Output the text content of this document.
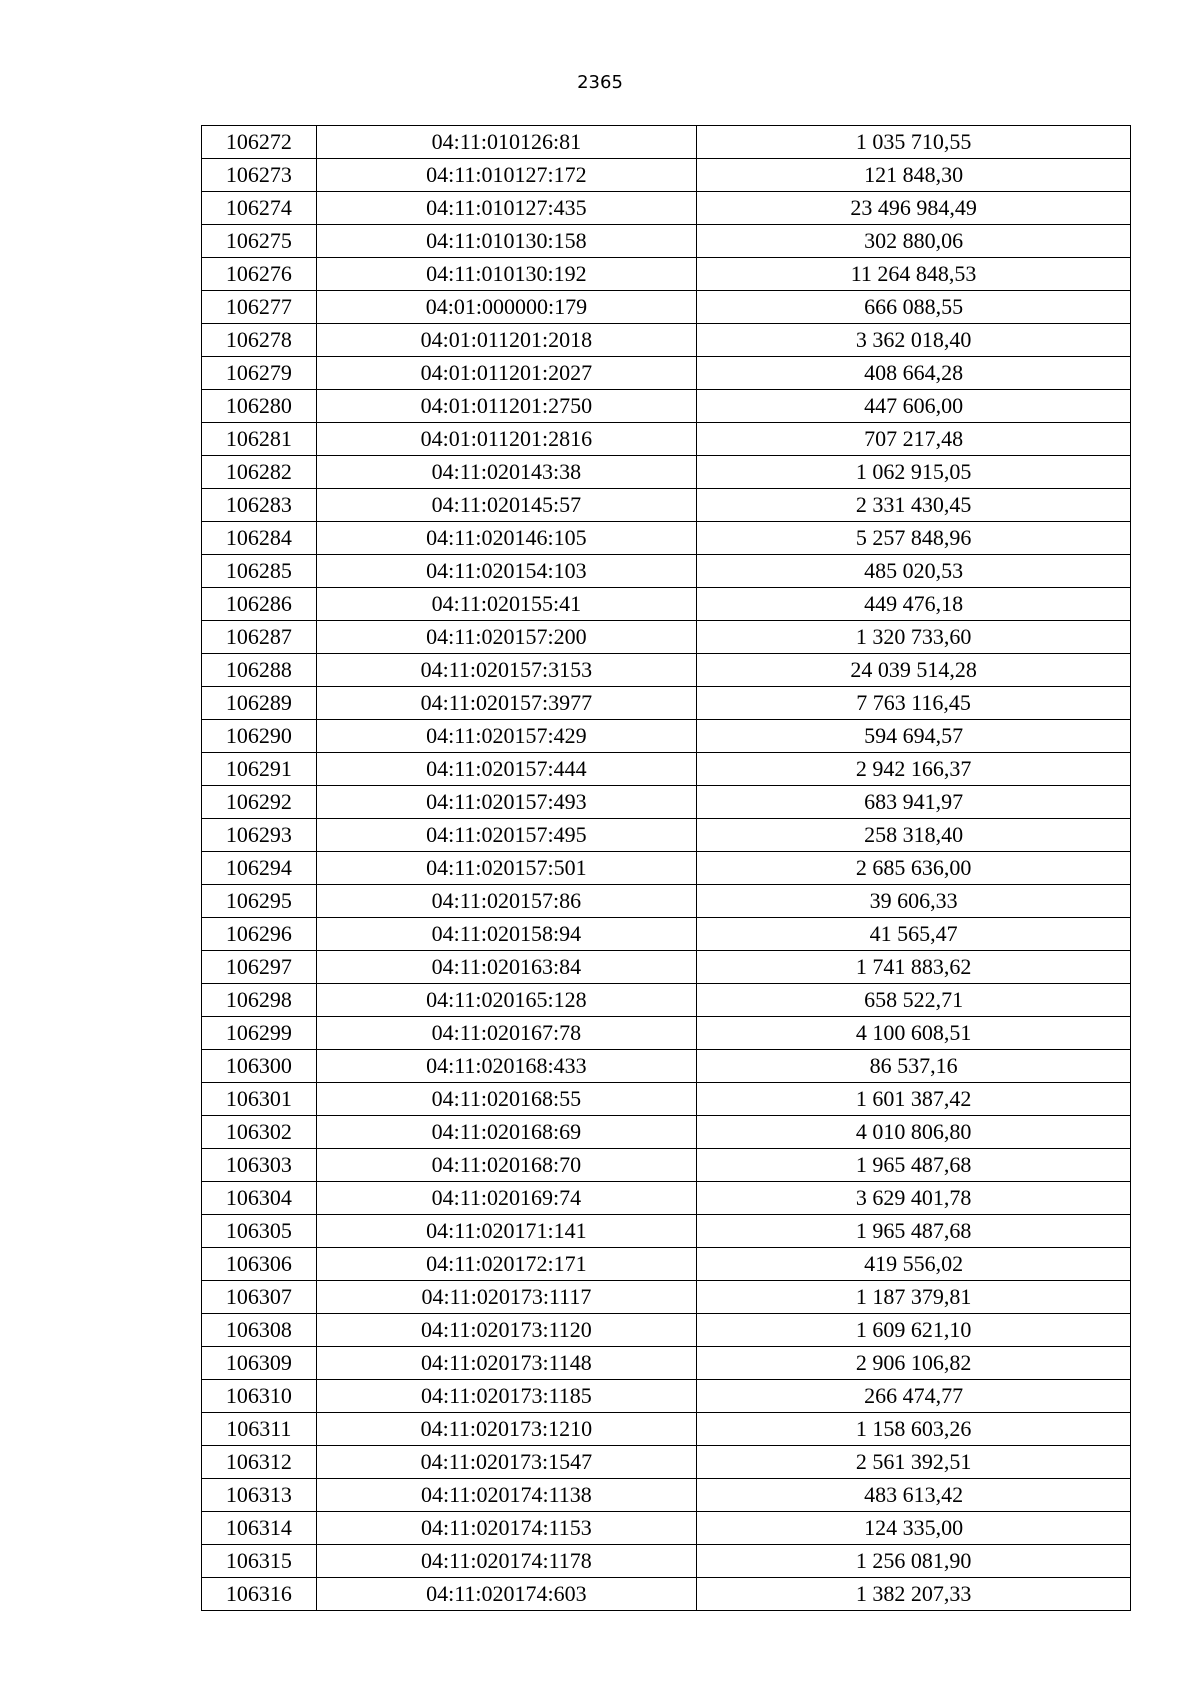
2365
106272	04:11:010126:81	1 035 710,55
106273	04:11:010127:172	121 848,30
106274	04:11:010127:435	23 496 984,49
106275	04:11:010130:158	302 880,06
106276	04:11:010130:192	11 264 848,53
106277	04:01:000000:179	666 088,55
106278	04:01:011201:2018	3 362 018,40
106279	04:01:011201:2027	408 664,28
106280	04:01:011201:2750	447 606,00
106281	04:01:011201:2816	707 217,48
106282	04:11:020143:38	1 062 915,05
106283	04:11:020145:57	2 331 430,45
106284	04:11:020146:105	5 257 848,96
106285	04:11:020154:103	485 020,53
106286	04:11:020155:41	449 476,18
106287	04:11:020157:200	1 320 733,60
106288	04:11:020157:3153	24 039 514,28
106289	04:11:020157:3977	7 763 116,45
106290	04:11:020157:429	594 694,57
106291	04:11:020157:444	2 942 166,37
106292	04:11:020157:493	683 941,97
106293	04:11:020157:495	258 318,40
106294	04:11:020157:501	2 685 636,00
106295	04:11:020157:86	39 606,33
106296	04:11:020158:94	41 565,47
106297	04:11:020163:84	1 741 883,62
106298	04:11:020165:128	658 522,71
106299	04:11:020167:78	4 100 608,51
106300	04:11:020168:433	86 537,16
106301	04:11:020168:55	1 601 387,42
106302	04:11:020168:69	4 010 806,80
106303	04:11:020168:70	1 965 487,68
106304	04:11:020169:74	3 629 401,78
106305	04:11:020171:141	1 965 487,68
106306	04:11:020172:171	419 556,02
106307	04:11:020173:1117	1 187 379,81
106308	04:11:020173:1120	1 609 621,10
106309	04:11:020173:1148	2 906 106,82
106310	04:11:020173:1185	266 474,77
106311	04:11:020173:1210	1 158 603,26
106312	04:11:020173:1547	2 561 392,51
106313	04:11:020174:1138	483 613,42
106314	04:11:020174:1153	124 335,00
106315	04:11:020174:1178	1 256 081,90
106316	04:11:020174:603	1 382 207,33
